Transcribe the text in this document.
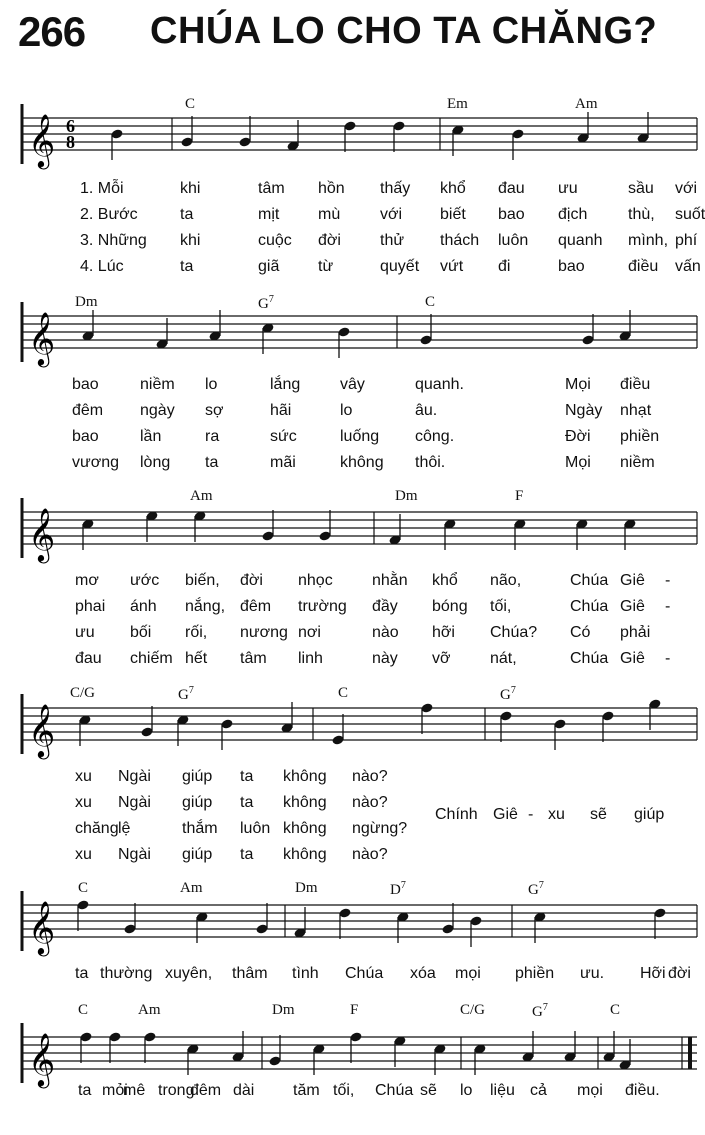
266 CHÚA LO CHO TA CHĂNG?
𝄞 6
8
C	Em	Am
1. Mỗi	khi	tâm hồn thấy khổ đau ưu	sầu với
2. Bước	ta	mịt mù với biết bao địch	thù, suốt
3. Những khi	cuộc đời thử thách luôn quanh mình, phí
4. Lúc	ta	giã từ	quyết vứt đi	bao	điều vấn
𝄞
Dm	$G^7$	C
bao	niềm lo	lắng vây	quanh.	Mọi điều
đêm ngày sợ	hãi	lo	âu.	Ngày nhạt
bao	lần	ra	sức	luống công.	Đời phiền
vương lòng ta	mãi	không thôi.	Mọi niềm
𝄞
Am	Dm	F
mơ ước biến, đời nhọc nhằn khổ não,	Chúa Giê -
phai ánh nắng, đêm trường đầy bóng tối,	Chúa Giê -
ưu bối rối, nương nơi	nào hỡi Chúa? Có phải
đau chiếm hết tâm linh	này vỡ nát,	Chúa Giê -
𝄞
C/G	$G^7$	C	$G^7$
xu Ngài giúp ta không nào?
xu Ngài giúp ta không nào?
chăng lệ	thắm luôn không ngừng?
xu Ngài giúp ta không nào?
Chính Giê - xu sẽ giúp
𝄞
C	Am	Dm	$D^7$	$G^7$
ta thường xuyên, thâm tình Chúa xóa mọi phiền ưu. Hỡi đời
𝄞
C	Am	Dm	F	C/G	$G^7$	C
ta mỏi
mê trong
đêm dài tăm tối, Chúa sẽ lo liệu cả mọi điều.
